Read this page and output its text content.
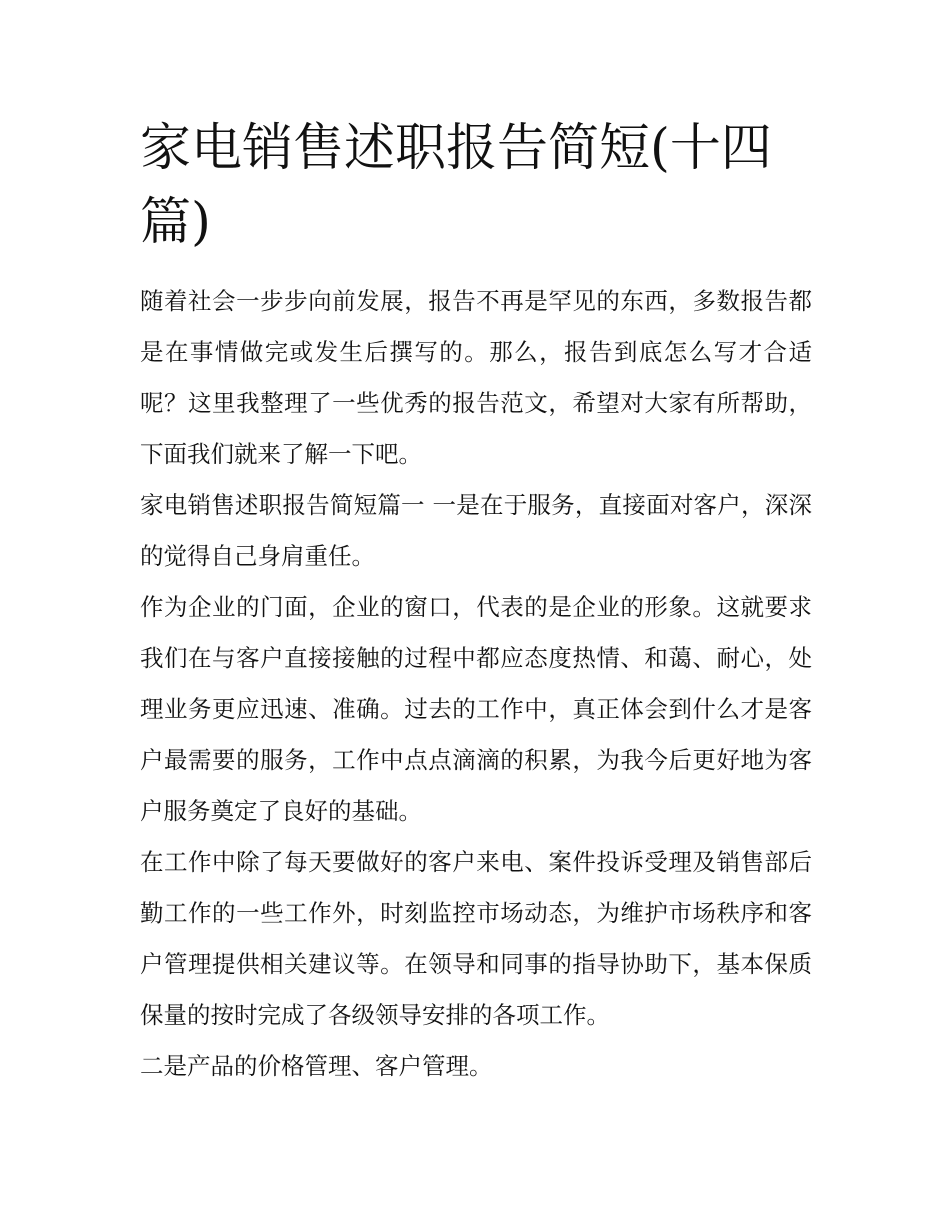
家电销售述职报告简短(十四篇)

随着社会一步步向前发展，报告不再是罕见的东西，多数报告都是在事情做完或发生后撰写的。那么，报告到底怎么写才合适呢？这里我整理了一些优秀的报告范文，希望对大家有所帮助，下面我们就来了解一下吧。

家电销售述职报告简短篇一 一是在于服务，直接面对客户，深深的觉得自己身肩重任。

作为企业的门面，企业的窗口，代表的是企业的形象。这就要求我们在与客户直接接触的过程中都应态度热情、和蔼、耐心，处理业务更应迅速、准确。过去的工作中，真正体会到什么才是客户最需要的服务，工作中点点滴滴的积累，为我今后更好地为客户服务奠定了良好的基础。

在工作中除了每天要做好的客户来电、案件投诉受理及销售部后勤工作的一些工作外，时刻监控市场动态，为维护市场秩序和客户管理提供相关建议等。在领导和同事的指导协助下，基本保质保量的按时完成了各级领导安排的各项工作。

二是产品的价格管理、客户管理。
